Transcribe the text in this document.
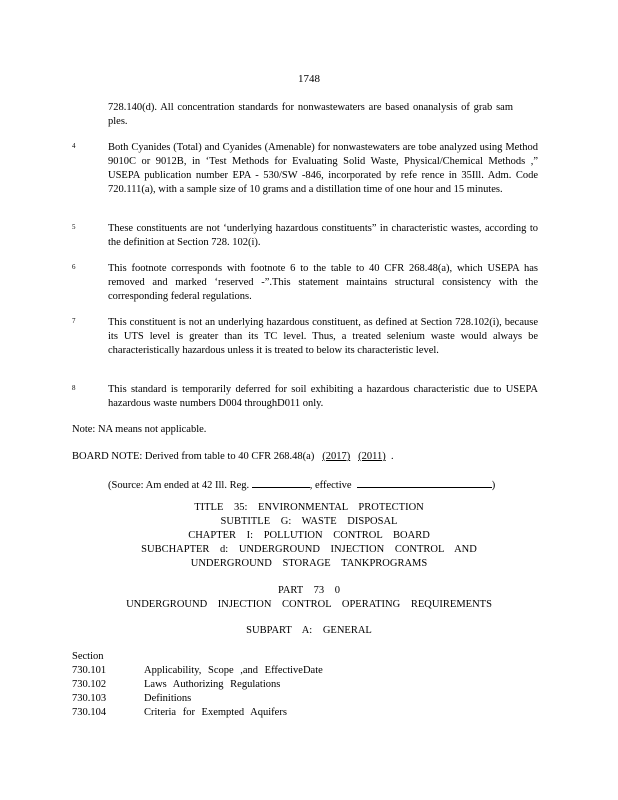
1748
728.140(d). All concentration standards for nonwastewaters are based onanalysis of grab sam ples.
4	Both Cyanides (Total) and Cyanides (Amenable) for nonwastewaters are tobe analyzed using Method 9010C or 9012B, in ‘Test Methods for Evaluating Solid Waste, Physical/Chemical Methods ,” USEPA publication number EPA - 530/SW -846, incorporated by refe rence in 35Ill. Adm. Code 720.111(a), with a sample size of 10 grams and a distillation time of one hour and 15 minutes.
5	These constituents are not ‘underlying hazardous constituents” in characteristic wastes, according to the definition at Section 728. 102(i).
6	This footnote corresponds with footnote 6 to the table to 40 CFR 268.48(a), which USEPA has removed and marked ‘reserved -”.This statement maintains structural consistency with the corresponding federal regulations.
7	This constituent is not an underlying hazardous constituent, as defined at Section 728.102(i), because its UTS level is greater than its TC level. Thus, a treated selenium waste would always be characteristically hazardous unless it is treated to below its characteristic level.
8	This standard is temporarily deferred for soil exhibiting a hazardous characteristic due to USEPA hazardous waste numbers D004 throughD011 only.
Note: NA means not applicable.
BOARD NOTE: Derived from table to 40 CFR 268.48(a) (2017) (2011) .
(Source: Am ended at 42 Ill. Reg.	, effective	)
TITLE 35: ENVIRONMENTAL PROTECTION
SUBTITLE G: WASTE DISPOSAL
CHAPTER I: POLLUTION CONTROL BOARD
SUBCHAPTER d: UNDERGROUND INJECTION CONTROL AND
UNDERGROUND STORAGE TANKPROGRAMS
PART 73 0
UNDERGROUND INJECTION CONTROL OPERATING REQUIREMENTS
SUBPART A: GENERAL
Section
730.101	Applicability, Scope ,and EffectiveDate
730.102	Laws Authorizing Regulations
730.103	Definitions
730.104	Criteria for Exempted Aquifers
